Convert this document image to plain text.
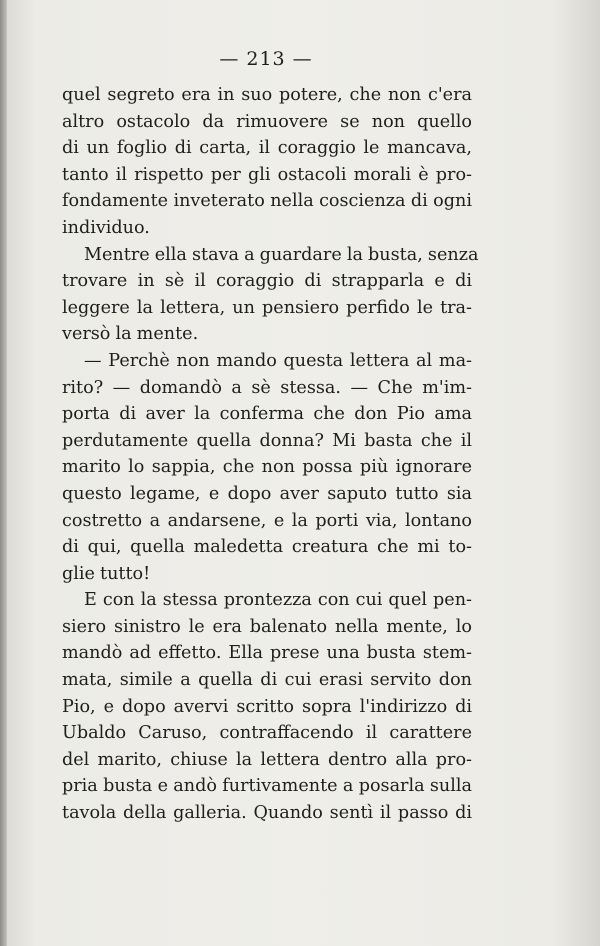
— 213 —
quel segreto era in suo potere, che non c'era
altro ostacolo da rimuovere se non quello
di un foglio di carta, il coraggio le mancava,
tanto il rispetto per gli ostacoli morali è pro-
fondamente inveterato nella coscienza di ogni
individuo.
Mentre ella stava a guardare la busta, senza
trovare in sè il coraggio di strapparla e di
leggere la lettera, un pensiero perfido le tra-
versò la mente.
— Perchè non mando questa lettera al ma-
rito? — domandò a sè stessa. — Che m'im-
porta di aver la conferma che don Pio ama
perdutamente quella donna? Mi basta che il
marito lo sappia, che non possa più ignorare
questo legame, e dopo aver saputo tutto sia
costretto a andarsene, e la porti via, lontano
di qui, quella maledetta creatura che mi to-
glie tutto!
E con la stessa prontezza con cui quel pen-
siero sinistro le era balenato nella mente, lo
mandò ad effetto. Ella prese una busta stem-
mata, simile a quella di cui erasi servito don
Pio, e dopo avervi scritto sopra l'indirizzo di
Ubaldo Caruso, contraffacendo il carattere
del marito, chiuse la lettera dentro alla pro-
pria busta e andò furtivamente a posarla sulla
tavola della galleria. Quando sentì il passo di
